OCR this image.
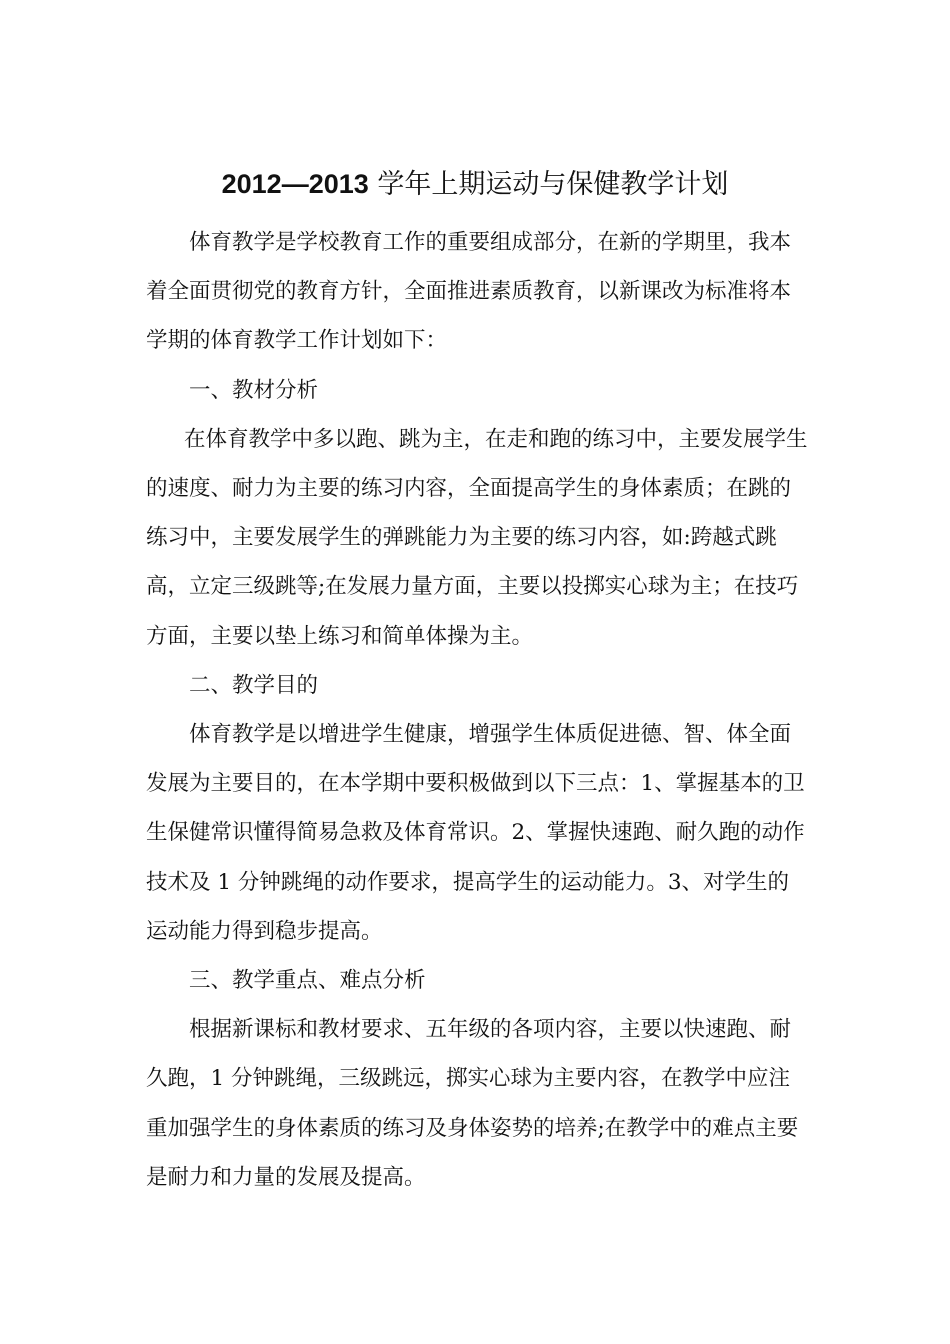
2012—2013 学年上期运动与保健教学计划

体育教学是学校教育工作的重要组成部分，在新的学期里，我本着全面贯彻党的教育方针，全面推进素质教育，以新课改为标准将本学期的体育教学工作计划如下：

一、教材分析

在体育教学中多以跑、跳为主，在走和跑的练习中，主要发展学生的速度、耐力为主要的练习内容，全面提高学生的身体素质；在跳的练习中，主要发展学生的弹跳能力为主要的练习内容，如:跨越式跳高，立定三级跳等;在发展力量方面，主要以投掷实心球为主；在技巧方面，主要以垫上练习和简单体操为主。

二、教学目的

体育教学是以增进学生健康，增强学生体质促进德、智、体全面发展为主要目的，在本学期中要积极做到以下三点：1、掌握基本的卫生保健常识懂得简易急救及体育常识。2、掌握快速跑、耐久跑的动作技术及 1 分钟跳绳的动作要求，提高学生的运动能力。3、对学生的运动能力得到稳步提高。

三、教学重点、难点分析

根据新课标和教材要求、五年级的各项内容，主要以快速跑、耐久跑，1 分钟跳绳，三级跳远，掷实心球为主要内容，在教学中应注重加强学生的身体素质的练习及身体姿势的培养;在教学中的难点主要是耐力和力量的发展及提高。
